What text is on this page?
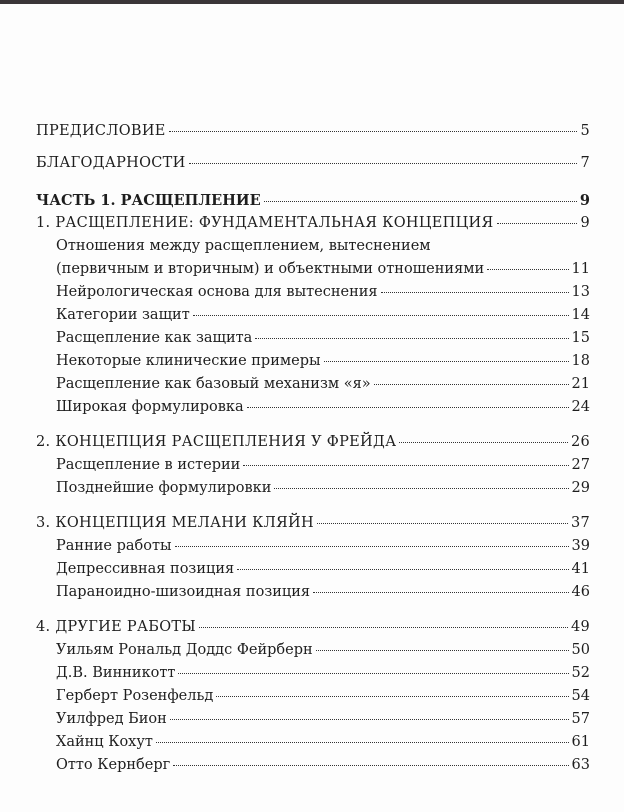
ПРЕДИСЛОВИЕ	5
БЛАГОДАРНОСТИ	7
ЧАСТЬ 1. РАСЩЕПЛЕНИЕ	9
1. РАСЩЕПЛЕНИЕ: ФУНДАМЕНТАЛЬНАЯ КОНЦЕПЦИЯ	9
Отношения между расщеплением, вытеснением
(первичным и вторичным) и объектными отношениями	11
Нейрологическая основа для вытеснения	13
Категории защит	14
Расщепление как защита	15
Некоторые клинические примеры	18
Расщепление как базовый механизм «я»	21
Широкая формулировка	24
2. КОНЦЕПЦИЯ РАСЩЕПЛЕНИЯ У ФРЕЙДА	26
Расщепление в истерии	27
Позднейшие формулировки	29
3. КОНЦЕПЦИЯ МЕЛАНИ КЛЯЙН	37
Ранние работы	39
Депрессивная позиция	41
Параноидно-шизоидная позиция	46
4. ДРУГИЕ РАБОТЫ	49
Уильям Рональд Доддс Фейрберн	50
Д.В. Винникотт	52
Герберт Розенфельд	54
Уилфред Бион	57
Хайнц Кохут	61
Отто Кернберг	63
